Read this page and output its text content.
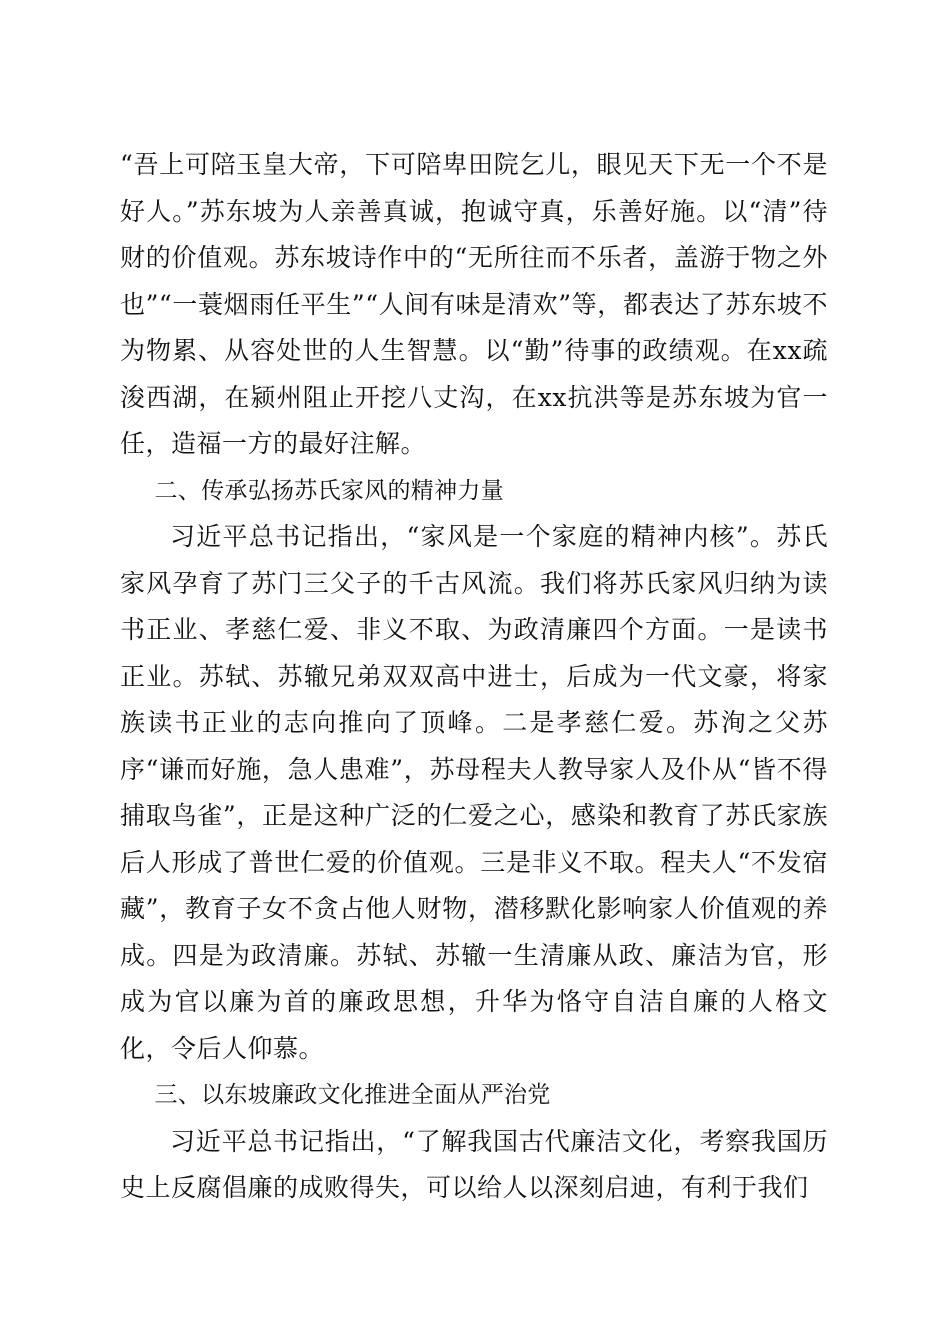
“吾上可陪玉皇大帝，下可陪卑田院乞儿，眼见天下无一个不是好人。”苏东坡为人亲善真诚，抱诚守真，乐善好施。以“清”待财的价值观。苏东坡诗作中的“无所往而不乐者，盖游于物之外也”“一蓑烟雨任平生”“人间有味是清欢”等，都表达了苏东坡不为物累、从容处世的人生智慧。以“勤”待事的政绩观。在xx疏浚西湖，在颍州阻止开挖八丈沟，在xx抗洪等是苏东坡为官一任，造福一方的最好注解。

二、传承弘扬苏氏家风的精神力量

习近平总书记指出，“家风是一个家庭的精神内核”。苏氏家风孕育了苏门三父子的千古风流。我们将苏氏家风归纳为读书正业、孝慈仁爱、非义不取、为政清廉四个方面。一是读书正业。苏轼、苏辙兄弟双双高中进士，后成为一代文豪，将家族读书正业的志向推向了顶峰。二是孝慈仁爱。苏洵之父苏序“谦而好施，急人患难”，苏母程夫人教导家人及仆从“皆不得捕取鸟雀”，正是这种广泛的仁爱之心，感染和教育了苏氏家族后人形成了普世仁爱的价值观。三是非义不取。程夫人“不发宿藏”，教育子女不贪占他人财物，潜移默化影响家人价值观的养成。四是为政清廉。苏轼、苏辙一生清廉从政、廉洁为官，形成为官以廉为首的廉政思想，升华为恪守自洁自廉的人格文化，令后人仰慕。

三、以东坡廉政文化推进全面从严治党

习近平总书记指出，“了解我国古代廉洁文化，考察我国历史上反腐倡廉的成败得失，可以给人以深刻启迪，有利于我们
